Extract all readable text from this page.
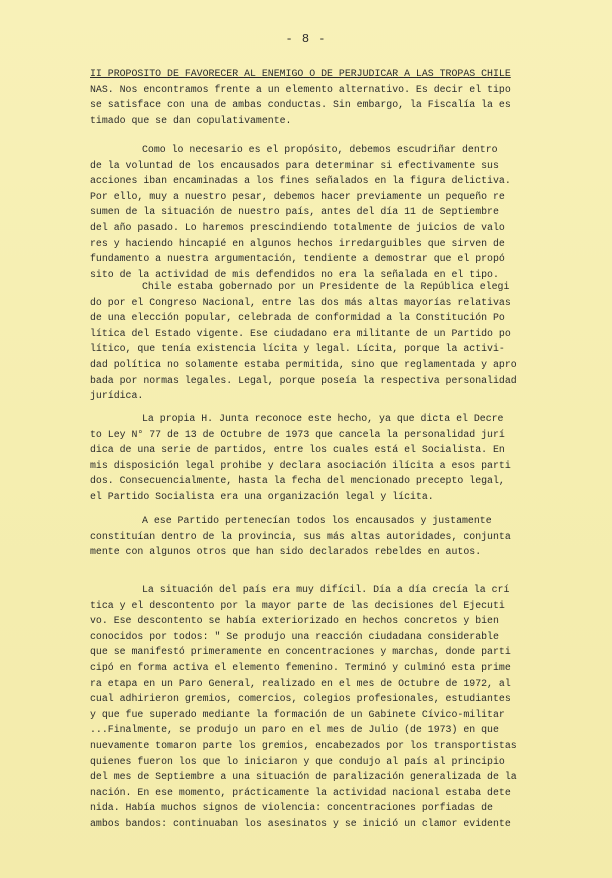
- 8 -
II PROPOSITO DE FAVORECER AL ENEMIGO O DE PERJUDICAR A LAS TROPAS CHILE
NAS. Nos encontramos frente a un elemento alternativo. Es decir el tipo
se satisface con una de ambas conductas. Sin embargo, la Fiscalía la es
timado que se dan copulativamente.
Como lo necesario es el propósito, debemos escudriñar dentro
de la voluntad de los encausados para determinar si efectivamente sus
acciones iban encaminadas a los fines señalados en la figura delictiva.
Por ello, muy a nuestro pesar, debemos hacer previamente un pequeño re
sumen de la situación de nuestro país, antes del día 11 de Septiembre
del año pasado. Lo haremos prescindiendo totalmente de juicios de valo
res y haciendo hincapié en algunos hechos irredarguibles que sirven de
fundamento a nuestra argumentación, tendiente a demostrar que el propó
sito de la actividad de mis defendidos no era la señalada en el tipo.
Chile estaba gobernado por un Presidente de la República elegi
do por el Congreso Nacional, entre las dos más altas mayorías relativas
de una elección popular, celebrada de conformidad a la Constitución Po
lítica del Estado vigente. Ese ciudadano era militante de un Partido po
lítico, que tenía existencia lícita y legal. Lícita, porque la activi-
dad política no solamente estaba permitida, sino que reglamentada y apro
bada por normas legales. Legal, porque poseía la respectiva personalidad
jurídica.
La propia H. Junta reconoce este hecho, ya que dicta el Decre
to Ley N° 77 de 13 de Octubre de 1973 que cancela la personalidad jurí
dica de una serie de partidos, entre los cuales está el Socialista. En
mis disposición legal prohibe y declara asociación ilícita a esos parti
dos. Consecuencialmente, hasta la fecha del mencionado precepto legal,
el Partido Socialista era una organización legal y lícita.
A ese Partido pertenecían todos los encausados y justamente
constituían dentro de la provincia, sus más altas autoridades, conjunta
mente con algunos otros que han sido declarados rebeldes en autos.
La situación del país era muy difícil. Día a día crecía la crí
tica y el descontento por la mayor parte de las decisiones del Ejecuti
vo. Ese descontento se había exteriorizado en hechos concretos y bien
conocidos por todos: " Se produjo una reacción ciudadana considerable
que se manifestó primeramente en concentraciones y marchas, donde parti
cipó en forma activa el elemento femenino. Terminó y culminó esta prime
ra etapa en un Paro General, realizado en el mes de Octubre de 1972, al
cual adhirieron gremios, comercios, colegios profesionales, estudiantes
y que fue superado mediante la formación de un Gabinete Cívico-militar
...Finalmente, se produjo un paro en el mes de Julio (de 1973) en que
nuevamente tomaron parte los gremios, encabezados por los transportistas
quienes fueron los que lo iniciaron y que condujo al país al principio
del mes de Septiembre a una situación de paralización generalizada de la
nación. En ese momento, prácticamente la actividad nacional estaba dete
nida. Había muchos signos de violencia: concentraciones porfiadas de
ambos bandos: continuaban los asesinatos y se inició un clamor evidente
